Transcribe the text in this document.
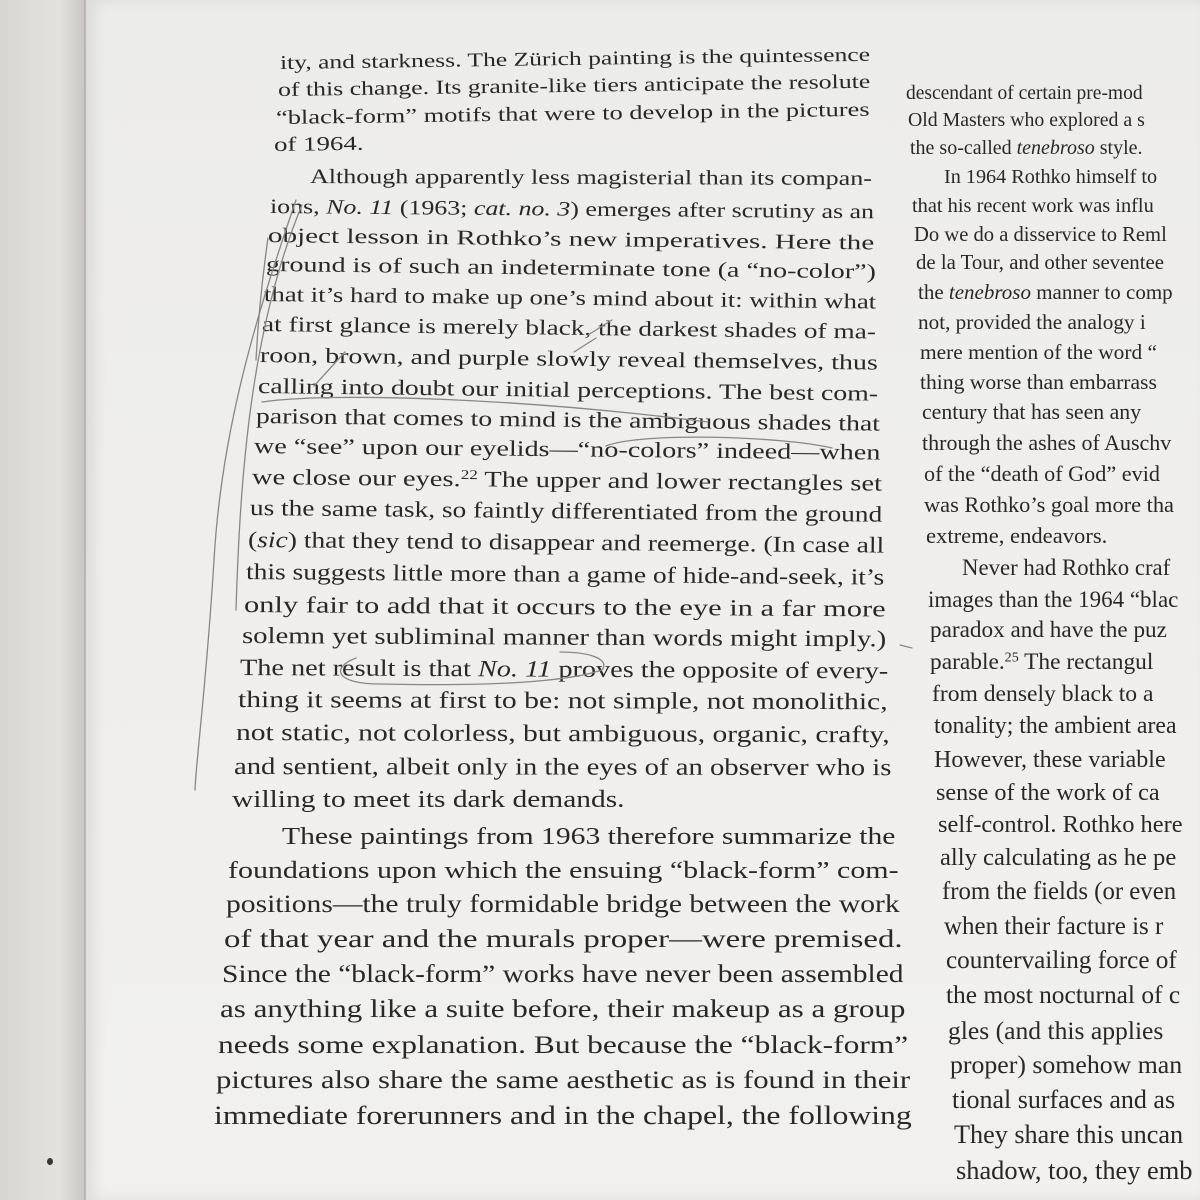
ity, and starkness. The Zürich painting is the quintessence
of this change. Its granite-like tiers anticipate the resolute
“black-form” motifs that were to develop in the pictures
of 1964.
Although apparently less magisterial than its compan-
ions, No. 11 (1963; cat. no. 3) emerges after scrutiny as an
object lesson in Rothko’s new imperatives. Here the
ground is of such an indeterminate tone (a “no-color”)
that it’s hard to make up one’s mind about it: within what
at first glance is merely black, the darkest shades of ma-
roon, brown, and purple slowly reveal themselves, thus
calling into doubt our initial perceptions. The best com-
parison that comes to mind is the ambiguous shades that
we “see” upon our eyelids—“no-colors” indeed—when
we close our eyes.$^{22}$ The upper and lower rectangles set
us the same task, so faintly differentiated from the ground
(sic) that they tend to disappear and reemerge. (In case all
this suggests little more than a game of hide-and-seek, it’s
only fair to add that it occurs to the eye in a far more
solemn yet subliminal manner than words might imply.)
The net result is that No. 11 proves the opposite of every-
thing it seems at first to be: not simple, not monolithic,
not static, not colorless, but ambiguous, organic, crafty,
and sentient, albeit only in the eyes of an observer who is
willing to meet its dark demands.
These paintings from 1963 therefore summarize the
foundations upon which the ensuing “black-form” com-
positions—the truly formidable bridge between the work
of that year and the murals proper—were premised.
Since the “black-form” works have never been assembled
as anything like a suite before, their makeup as a group
needs some explanation. But because the “black-form”
pictures also share the same aesthetic as is found in their
immediate forerunners and in the chapel, the following
descendant of certain pre-mod
Old Masters who explored a s
the so-called tenebroso style.
In 1964 Rothko himself to
that his recent work was influ
Do we do a disservice to Reml
de la Tour, and other seventee
the tenebroso manner to comp
not, provided the analogy i
mere mention of the word “
thing worse than embarrass
century that has seen any
through the ashes of Auschv
of the “death of God” evid
was Rothko’s goal more tha
extreme, endeavors.
Never had Rothko craf
images than the 1964 “blac
paradox and have the puz
parable.$^{25}$ The rectangul
from densely black to a
tonality; the ambient area
However, these variable
sense of the work of ca
self-control. Rothko here
ally calculating as he pe
from the fields (or even
when their facture is r
countervailing force of
the most nocturnal of c
gles (and this applies
proper) somehow man
tional surfaces and as
They share this uncan
shadow, too, they emb
